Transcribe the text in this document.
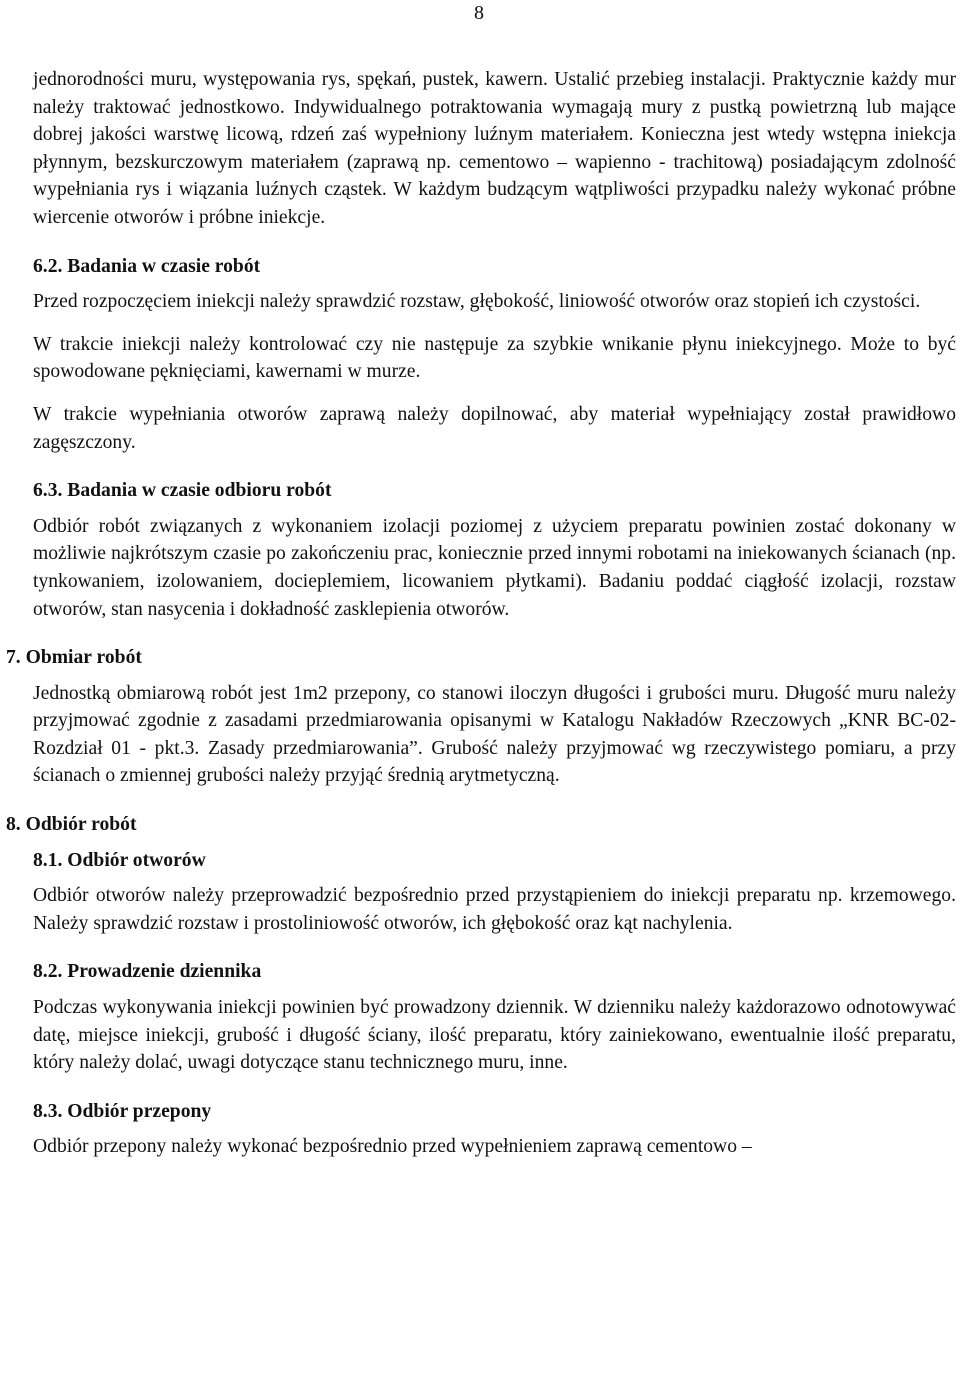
8

jednorodności muru, występowania rys, spękań, pustek, kawern. Ustalić przebieg instalacji. Praktycznie każdy mur należy traktować jednostkowo. Indywidualnego potraktowania wymagają mury z pustką powietrzną lub mające dobrej jakości warstwę licową, rdzeń zaś wypełniony luźnym materiałem. Konieczna jest wtedy wstępna iniekcja płynnym, bezskurczowym materiałem (zaprawą np. cementowo – wapienno - trachitową) posiadającym zdolność wypełniania rys i wiązania luźnych cząstek. W każdym budzącym wątpliwości przypadku należy wykonać próbne wiercenie otworów i próbne iniekcje.

6.2. Badania w czasie robót

Przed rozpoczęciem iniekcji należy sprawdzić rozstaw, głębokość, liniowość otworów oraz stopień ich czystości.

W trakcie iniekcji należy kontrolować czy nie następuje za szybkie wnikanie płynu iniekcyjnego. Może to być spowodowane pęknięciami, kawernami w murze.

W trakcie wypełniania otworów zaprawą należy dopilnować, aby materiał wypełniający został prawidłowo zagęszczony.

6.3. Badania w czasie odbioru robót

Odbiór robót związanych z wykonaniem izolacji poziomej z użyciem preparatu powinien zostać dokonany w możliwie najkrótszym czasie po zakończeniu prac, koniecznie przed innymi robotami na iniekowanych ścianach (np. tynkowaniem, izolowaniem, docieplemiem, licowaniem płytkami). Badaniu poddać ciągłość izolacji, rozstaw otworów, stan nasycenia i dokładność zasklepienia otworów.

7. Obmiar robót

Jednostką obmiarową robót jest 1m2 przepony, co stanowi iloczyn długości i grubości muru. Długość muru należy przyjmować zgodnie z zasadami przedmiarowania opisanymi w Katalogu Nakładów Rzeczowych „KNR BC-02-Rozdział 01 - pkt.3. Zasady przedmiarowania”. Grubość należy przyjmować wg rzeczywistego pomiaru, a przy ścianach o zmiennej grubości należy przyjąć średnią arytmetyczną.

8. Odbiór robót
8.1. Odbiór otworów

Odbiór otworów należy przeprowadzić bezpośrednio przed przystąpieniem do iniekcji preparatu np. krzemowego. Należy sprawdzić rozstaw i prostoliniowość otworów, ich głębokość oraz kąt nachylenia.

8.2. Prowadzenie dziennika

Podczas wykonywania iniekcji powinien być prowadzony dziennik. W dzienniku należy każdorazowo odnotowywać datę, miejsce iniekcji, grubość i długość ściany, ilość preparatu, który zainiekowano, ewentualnie ilość preparatu, który należy dolać, uwagi dotyczące stanu technicznego muru, inne.

8.3. Odbiór przepony

Odbiór przepony należy wykonać bezpośrednio przed wypełnieniem zaprawą cementowo –
